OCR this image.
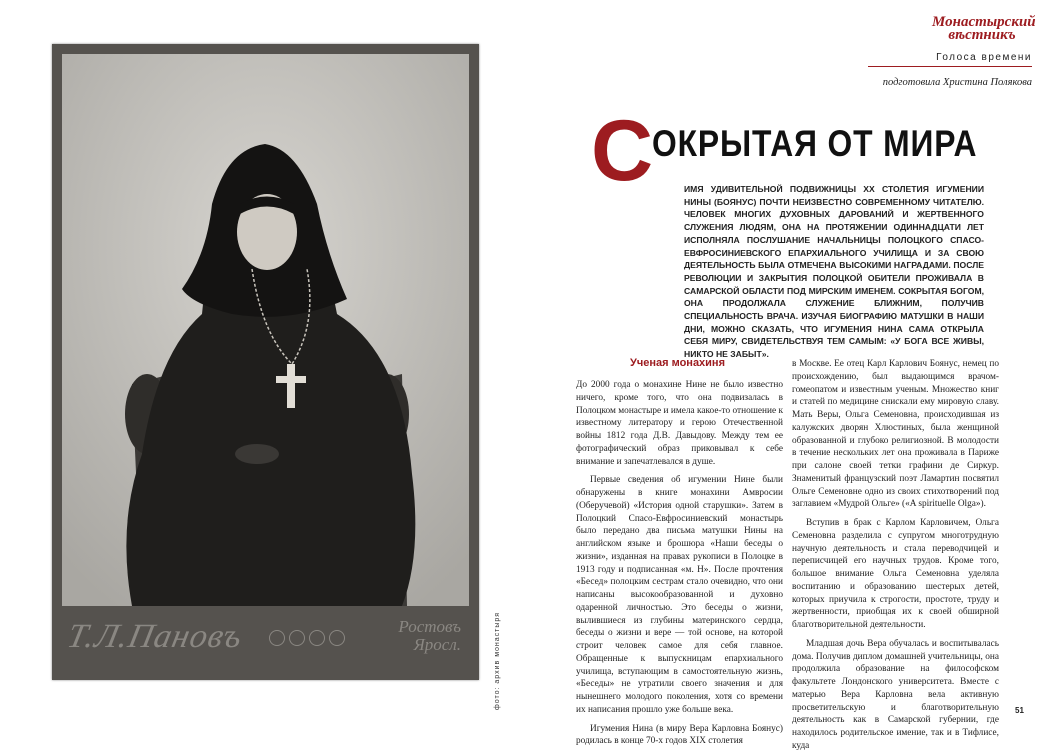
Т.Л.Пановъ	Ростовъ
Яросл.	фото: архив монастыря
Монастырский
вѣстникъ
Голоса времени
подготовила Христина Полякова
С
ОКРЫТАЯ ОТ МИРА
ИМЯ УДИВИТЕЛЬНОЙ ПОДВИЖНИЦЫ XX СТОЛЕТИЯ ИГУМЕНИИ НИНЫ (БОЯНУС) ПОЧТИ НЕИЗВЕСТНО СОВРЕМЕННОМУ ЧИТАТЕЛЮ. ЧЕЛОВЕК МНОГИХ ДУХОВНЫХ ДАРОВАНИЙ И ЖЕРТВЕННОГО СЛУЖЕНИЯ ЛЮДЯМ, ОНА НА ПРОТЯЖЕНИИ ОДИННАДЦАТИ ЛЕТ ИСПОЛНЯЛА ПОСЛУШАНИЕ НАЧАЛЬНИЦЫ ПОЛОЦКОГО СПАСО-ЕВФРОСИНИЕВСКОГО ЕПАРХИАЛЬНОГО УЧИЛИЩА И ЗА СВОЮ ДЕЯТЕЛЬНОСТЬ БЫЛА ОТМЕЧЕНА ВЫСОКИМИ НАГРАДАМИ. ПОСЛЕ РЕВОЛЮЦИИ И ЗАКРЫТИЯ ПОЛОЦКОЙ ОБИТЕЛИ ПРОЖИВАЛА В САМАРСКОЙ ОБЛАСТИ ПОД МИРСКИМ ИМЕНЕМ. СОКРЫТАЯ БОГОМ, ОНА ПРОДОЛЖАЛА СЛУЖЕНИЕ БЛИЖНИМ, ПОЛУЧИВ СПЕЦИАЛЬНОСТЬ ВРАЧА. ИЗУЧАЯ БИОГРАФИЮ МАТУШКИ В НАШИ ДНИ, МОЖНО СКАЗАТЬ, ЧТО ИГУМЕНИЯ НИНА САМА ОТКРЫЛА СЕБЯ МИРУ, СВИДЕТЕЛЬСТВУЯ ТЕМ САМЫМ: «У БОГА ВСЕ ЖИВЫ, НИКТО НЕ ЗАБЫТ».
Ученая монахиня

До 2000 года о монахине Нине не было известно ничего, кроме того, что она подвизалась в Полоцком монастыре и имела какое-то отношение к известному литератору и герою Отечественной войны 1812 года Д.В. Давыдову. Между тем ее фотографический образ приковывал к себе внимание и запечатлевался в душе.

Первые сведения об игумении Нине были обнаружены в книге монахини Амвросии (Оберучевой) «История одной старушки». Затем в Полоцкий Спасо-Евфросиниевский монастырь было передано два письма матушки Нины на английском языке и брошюра «Наши беседы о жизни», изданная на правах рукописи в Полоцке в 1913 году и подписанная «м. Н». После прочтения «Бесед» полоцким сестрам стало очевидно, что они написаны высокообразованной и духовно одаренной личностью. Это беседы о жизни, вылившиеся из глубины материнского сердца, беседы о жизни и вере — той основе, на которой строит человек самое для себя главное. Обращенные к выпускницам епархиального училища, вступающим в самостоятельную жизнь, «Беседы» не утратили своего значения и для нынешнего молодого поколения, хотя со времени их написания прошло уже больше века.

Игумения Нина (в миру Вера Карловна Боянус) родилась в конце 70-х годов XIX столетия

в Москве. Ее отец Карл Карлович Боянус, немец по происхождению, был выдающимся врачом-гомеопатом и известным ученым. Множество книг и статей по медицине снискали ему мировую славу. Мать Веры, Ольга Семеновна, происходившая из калужских дворян Хлюстиных, была женщиной образованной и глубоко религиозной. В молодости в течение нескольких лет она проживала в Париже при салоне своей тетки графини де Сиркур. Знаменитый французский поэт Ламартин посвятил Ольге Семеновне одно из своих стихотворений под заглавием «Мудрой Ольге» («A spirituelle Olga»).

Вступив в брак с Карлом Карловичем, Ольга Семеновна разделила с супругом многотрудную научную деятельность и стала переводчицей и переписчицей его научных трудов. Кроме того, большое внимание Ольга Семеновна уделяла воспитанию и образованию шестерых детей, которых приучила к строгости, простоте, труду и жертвенности, приобщая их к своей обширной благотворительной деятельности.

Младшая дочь Вера обучалась и воспитывалась дома. Получив диплом домашней учительницы, она продолжила образование на философском факультете Лондонского университета. Вместе с матерью Вера Карловна вела активную просветительскую и благотворительную деятельность как в Самарской губернии, где находилось родительское имение, так и в Тифлисе, куда

51
